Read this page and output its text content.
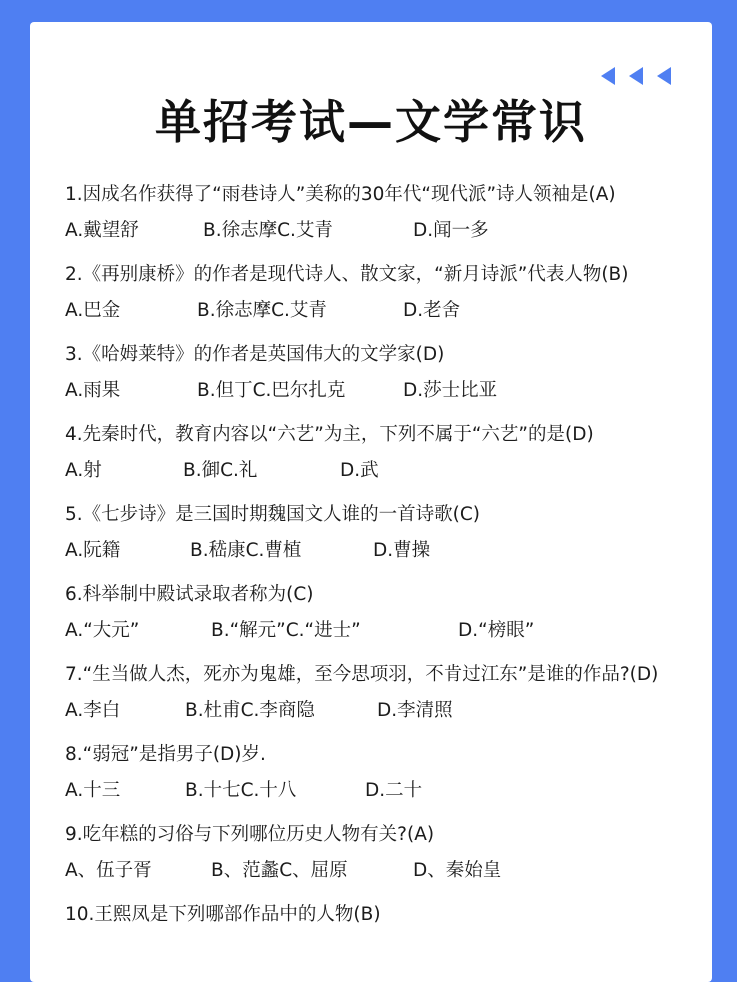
单招考试—文学常识

1.因成名作获得了“雨巷诗人”美称的30年代“现代派”诗人领袖是(A)

A.戴望舒	B.徐志摩C.艾青	D.闻一多

2.《再别康桥》的作者是现代诗人、散文家，“新月诗派”代表人物(B)

A.巴金	B.徐志摩C.艾青	D.老舍

3.《哈姆莱特》的作者是英国伟大的文学家(D)

A.雨果	B.但丁C.巴尔扎克	D.莎士比亚

4.先秦时代，教育内容以“六艺”为主，下列不属于“六艺”的是(D)

A.射	B.御C.礼	D.武

5.《七步诗》是三国时期魏国文人谁的一首诗歌(C)

A.阮籍	B.嵇康C.曹植	D.曹操

6.科举制中殿试录取者称为(C)

A.“大元”	B.“解元”C.“进士”	D.“榜眼”

7.“生当做人杰，死亦为鬼雄，至今思项羽，不肯过江东”是谁的作品?(D)

A.李白	B.杜甫C.李商隐	D.李清照

8.“弱冠”是指男子(D)岁.

A.十三	B.十七C.十八	D.二十

9.吃年糕的习俗与下列哪位历史人物有关?(A)

A、伍子胥	B、范蠡C、屈原	D、秦始皇

10.王熙凤是下列哪部作品中的人物(B)
